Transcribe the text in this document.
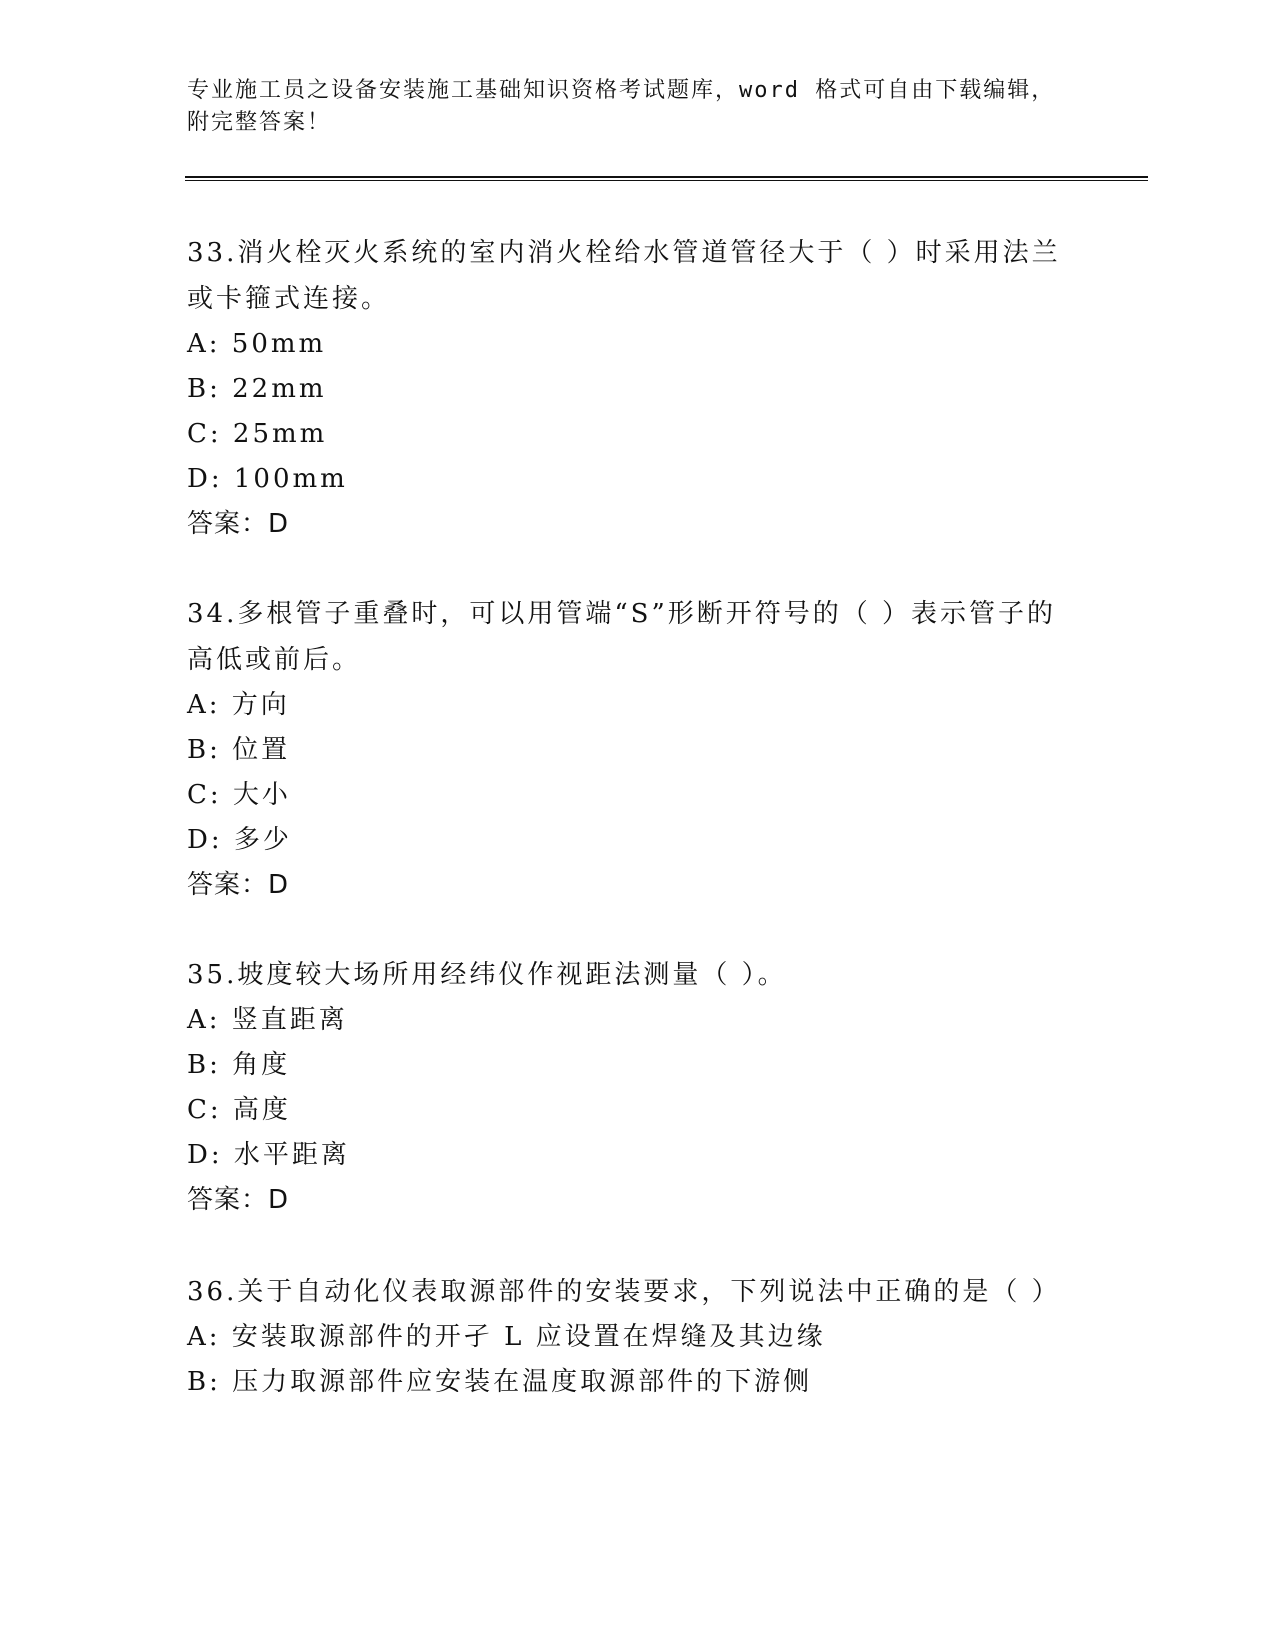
专业施工员之设备安装施工基础知识资格考试题库，word 格式可自由下载编辑，
附完整答案！
33.消火栓灭火系统的室内消火栓给水管道管径大于（ ）时采用法兰
或卡箍式连接。
A: 50mm
B: 22mm
C: 25mm
D: 100mm
答案：D
34.多根管子重叠时，可以用管端“S”形断开符号的（ ）表示管子的
高低或前后。
A: 方向
B: 位置
C: 大小
D: 多少
答案：D
35.坡度较大场所用经纬仪作视距法测量（ ）。
A: 竖直距离
B: 角度
C: 高度
D: 水平距离
答案：D
36.关于自动化仪表取源部件的安装要求，下列说法中正确的是（ ）
A: 安装取源部件的开孑 L 应设置在焊缝及其边缘
B: 压力取源部件应安装在温度取源部件的下游侧
